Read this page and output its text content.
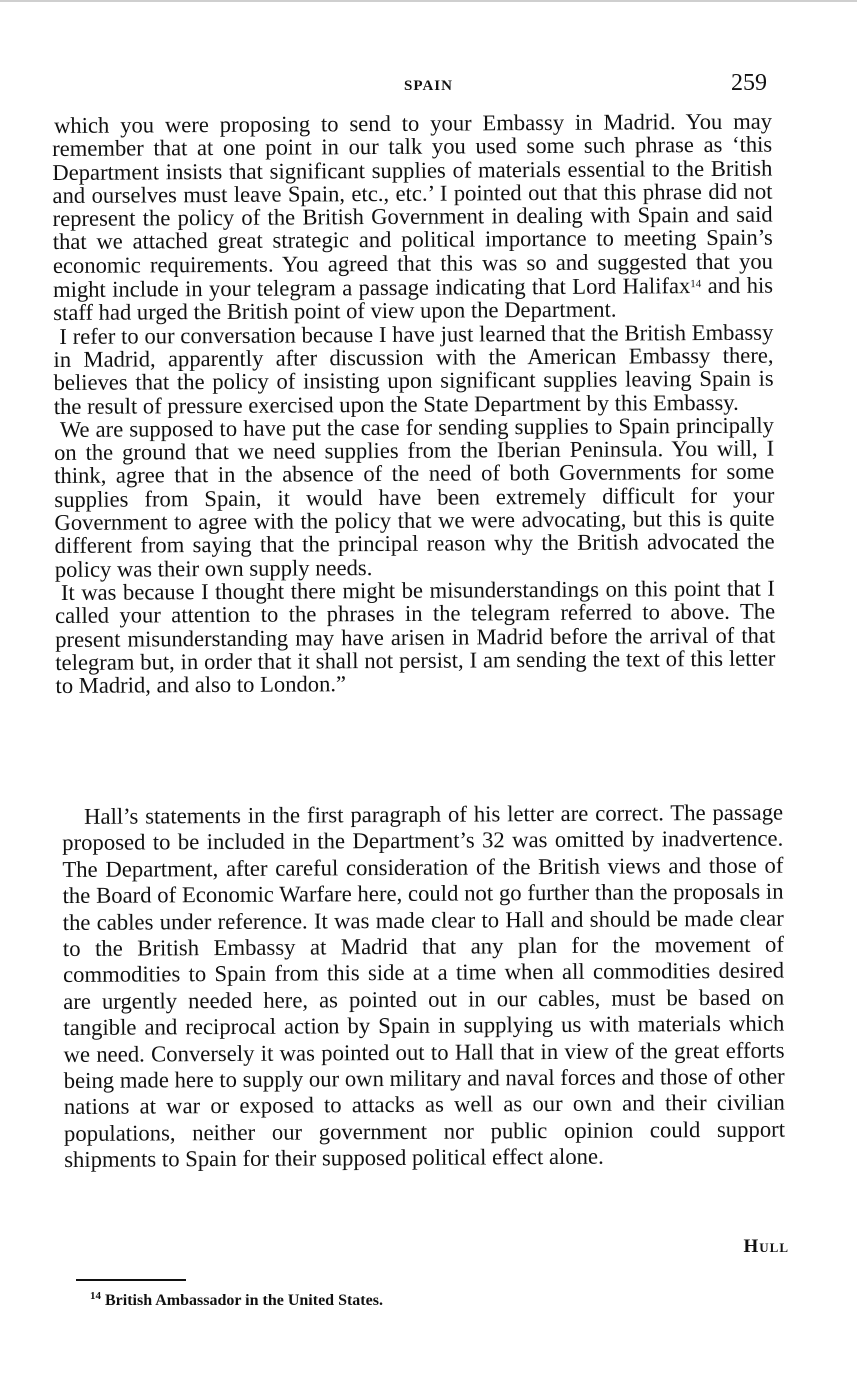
SPAIN	259

which you were proposing to send to your Embassy in Madrid. You may remember that at one point in our talk you used some such phrase as ‘this Department insists that significant supplies of materials essential to the British and ourselves must leave Spain, etc., etc.’ I pointed out that this phrase did not represent the policy of the British Government in dealing with Spain and said that we attached great strategic and political importance to meeting Spain’s economic requirements. You agreed that this was so and suggested that you might include in your telegram a passage indicating that Lord Halifax$^{14}$ and his staff had urged the British point of view upon the Department.

I refer to our conversation because I have just learned that the British Embassy in Madrid, apparently after discussion with the American Embassy there, believes that the policy of insisting upon significant supplies leaving Spain is the result of pressure exercised upon the State Department by this Embassy.

We are supposed to have put the case for sending supplies to Spain principally on the ground that we need supplies from the Iberian Peninsula. You will, I think, agree that in the absence of the need of both Governments for some supplies from Spain, it would have been extremely difficult for your Government to agree with the policy that we were advocating, but this is quite different from saying that the principal reason why the British advocated the policy was their own supply needs.

It was because I thought there might be misunderstandings on this point that I called your attention to the phrases in the telegram referred to above. The present misunderstanding may have arisen in Madrid before the arrival of that telegram but, in order that it shall not persist, I am sending the text of this letter to Madrid, and also to London.”

Hall’s statements in the first paragraph of his letter are correct. The passage proposed to be included in the Department’s 32 was omitted by inadvertence. The Department, after careful consideration of the British views and those of the Board of Economic Warfare here, could not go further than the proposals in the cables under reference. It was made clear to Hall and should be made clear to the British Embassy at Madrid that any plan for the movement of commodities to Spain from this side at a time when all commodities desired are urgently needed here, as pointed out in our cables, must be based on tangible and reciprocal action by Spain in supplying us with materials which we need. Conversely it was pointed out to Hall that in view of the great efforts being made here to supply our own military and naval forces and those of other nations at war or exposed to attacks as well as our own and their civilian populations, neither our government nor public opinion could support shipments to Spain for their supposed political effect alone.

Hull
$^{14}$ British Ambassador in the United States.
